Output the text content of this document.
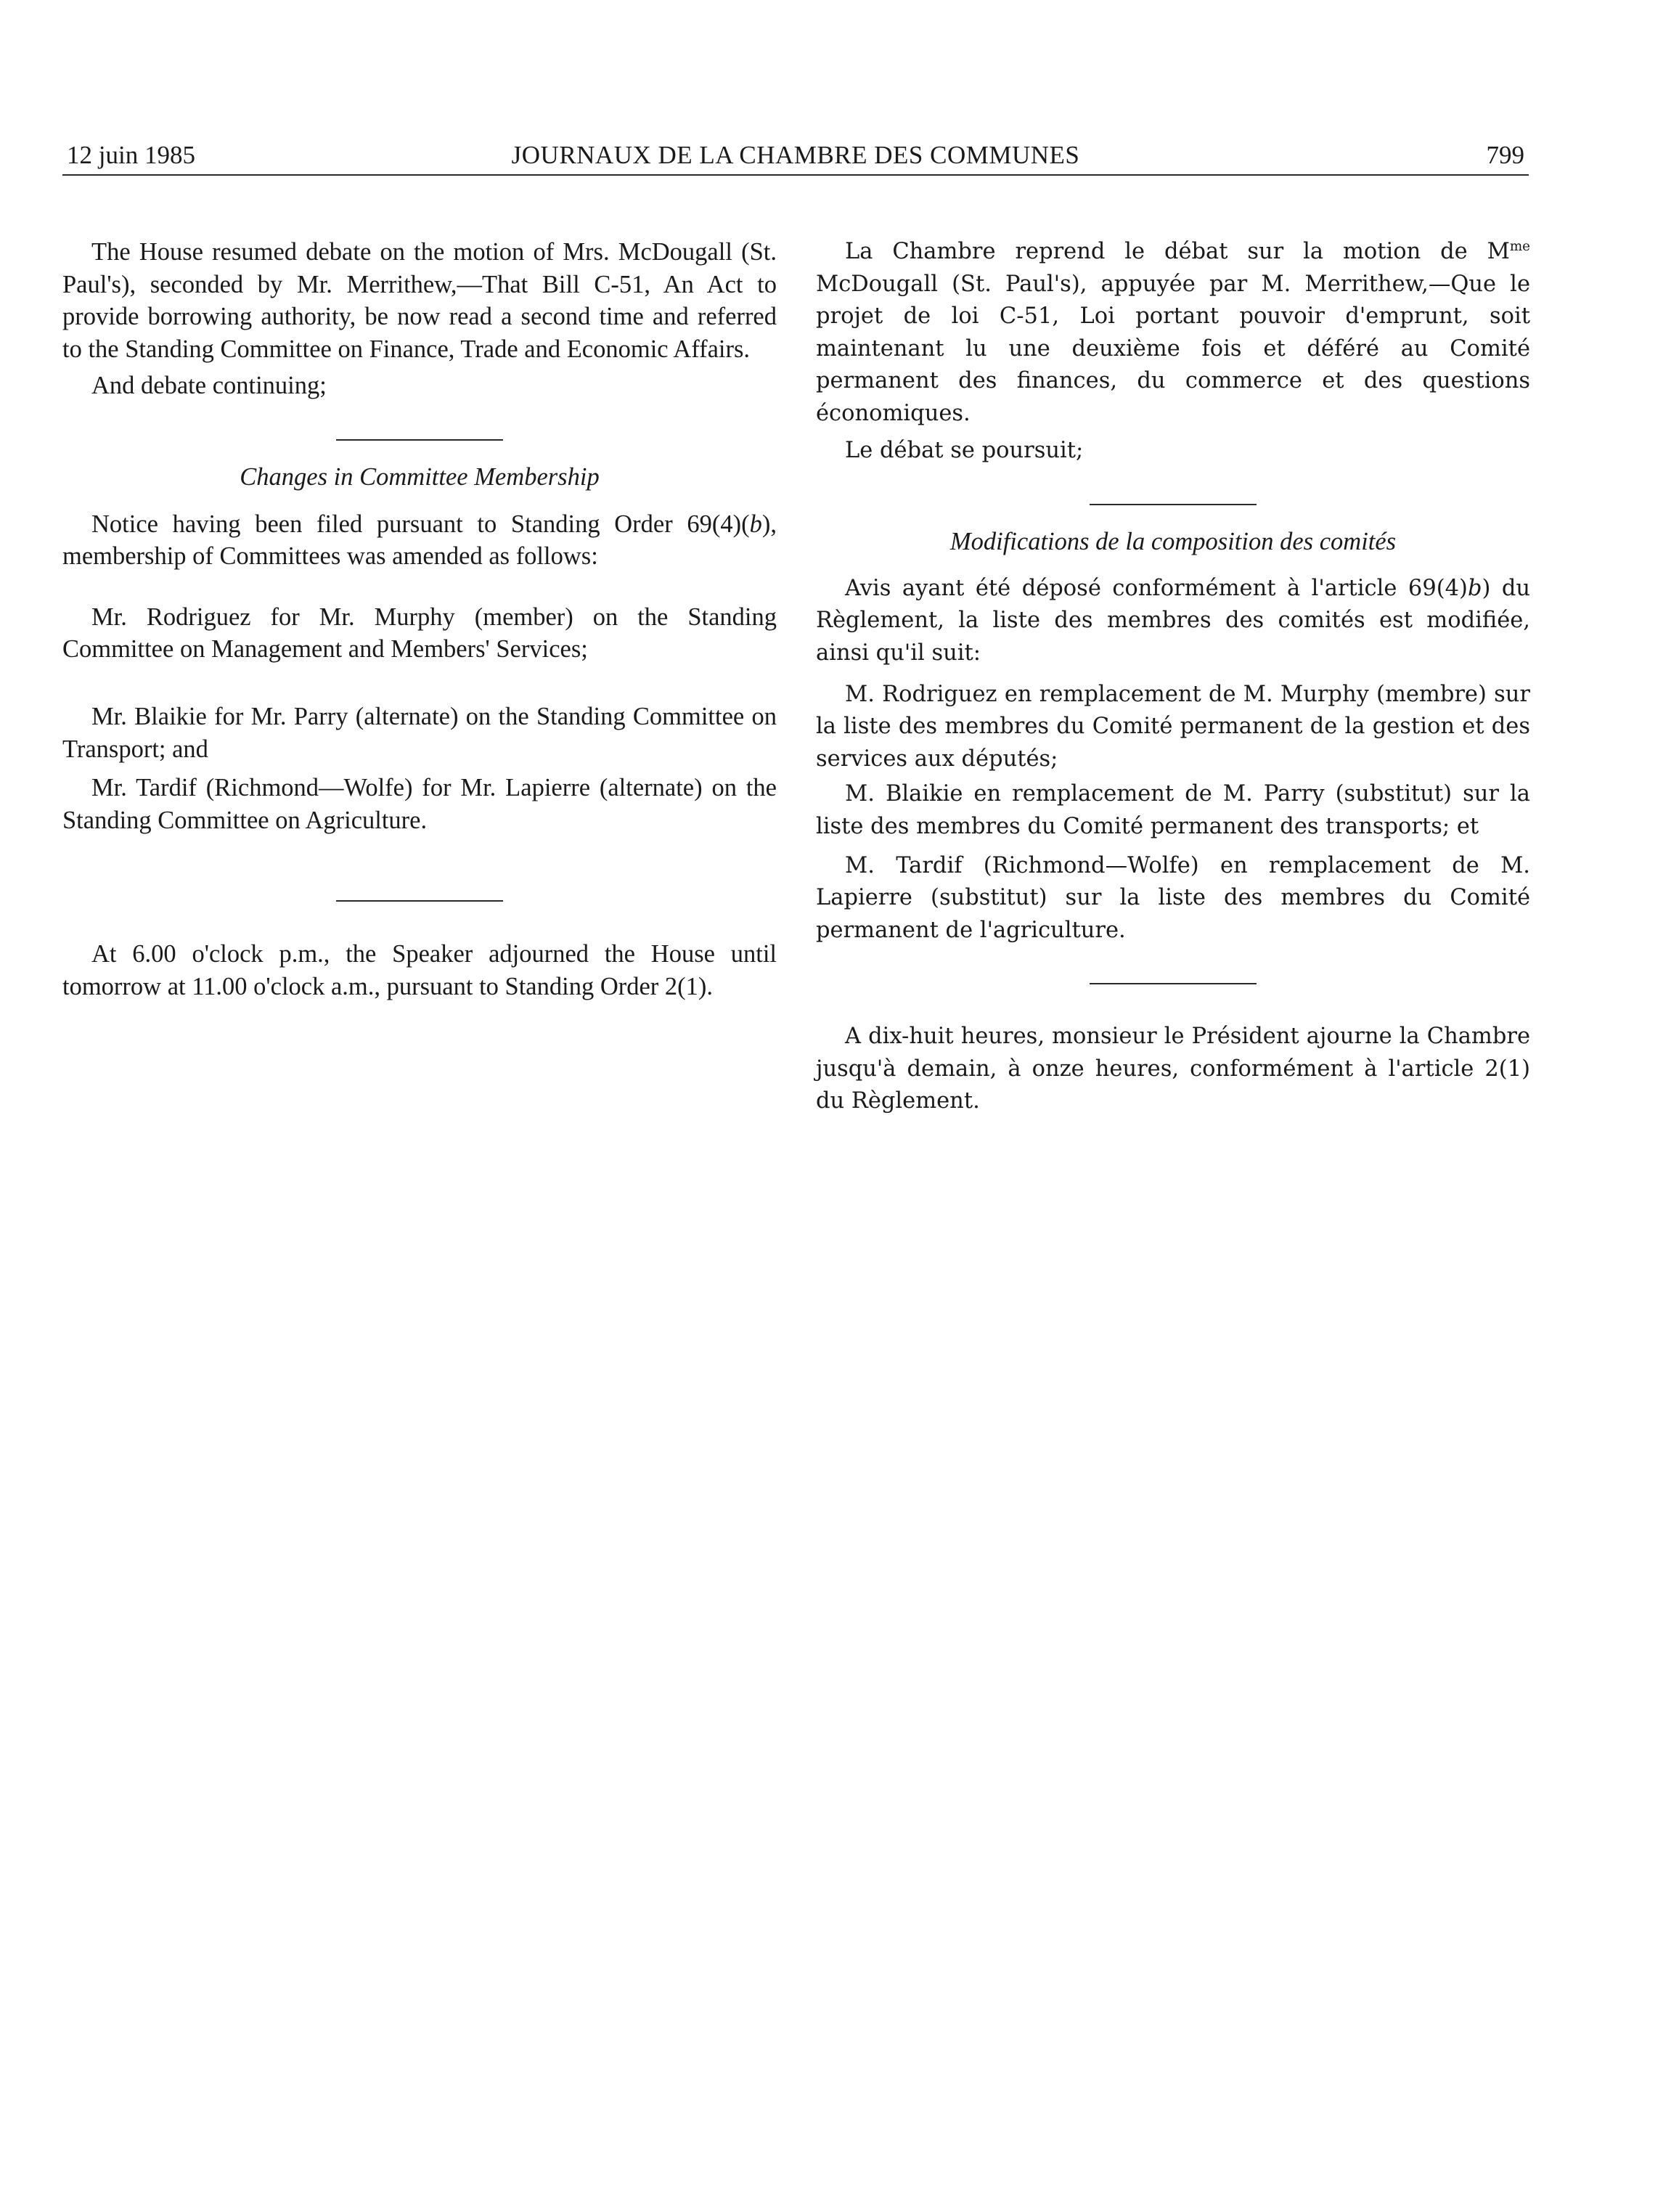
12 juin 1985	JOURNAUX DE LA CHAMBRE DES COMMUNES	799

The House resumed debate on the motion of Mrs. McDougall (St. Paul's), seconded by Mr. Merrithew,—That Bill C-51, An Act to provide borrowing authority, be now read a second time and referred to the Standing Committee on Finance, Trade and Economic Affairs.

And debate continuing;

Changes in Committee Membership

Notice having been filed pursuant to Standing Order 69(4)(b), membership of Committees was amended as follows:

Mr. Rodriguez for Mr. Murphy (member) on the Standing Committee on Management and Members' Services;

Mr. Blaikie for Mr. Parry (alternate) on the Standing Committee on Transport; and

Mr. Tardif (Richmond—Wolfe) for Mr. Lapierre (alternate) on the Standing Committee on Agriculture.

At 6.00 o'clock p.m., the Speaker adjourned the House until tomorrow at 11.00 o'clock a.m., pursuant to Standing Order 2(1).

La Chambre reprend le débat sur la motion de $M^{me}$ McDougall (St. Paul's), appuyée par M. Merrithew,—Que le projet de loi C-51, Loi portant pouvoir d'emprunt, soit maintenant lu une deuxième fois et déféré au Comité permanent des finances, du commerce et des questions économiques.

Le débat se poursuit;

Modifications de la composition des comités

Avis ayant été déposé conformément à l'article 69(4)b) du Règlement, la liste des membres des comités est modifiée, ainsi qu'il suit:

M. Rodriguez en remplacement de M. Murphy (membre) sur la liste des membres du Comité permanent de la gestion et des services aux députés;

M. Blaikie en remplacement de M. Parry (substitut) sur la liste des membres du Comité permanent des transports; et

M. Tardif (Richmond—Wolfe) en remplacement de M. Lapierre (substitut) sur la liste des membres du Comité permanent de l'agriculture.

A dix-huit heures, monsieur le Président ajourne la Chambre jusqu'à demain, à onze heures, conformément à l'article 2(1) du Règlement.
